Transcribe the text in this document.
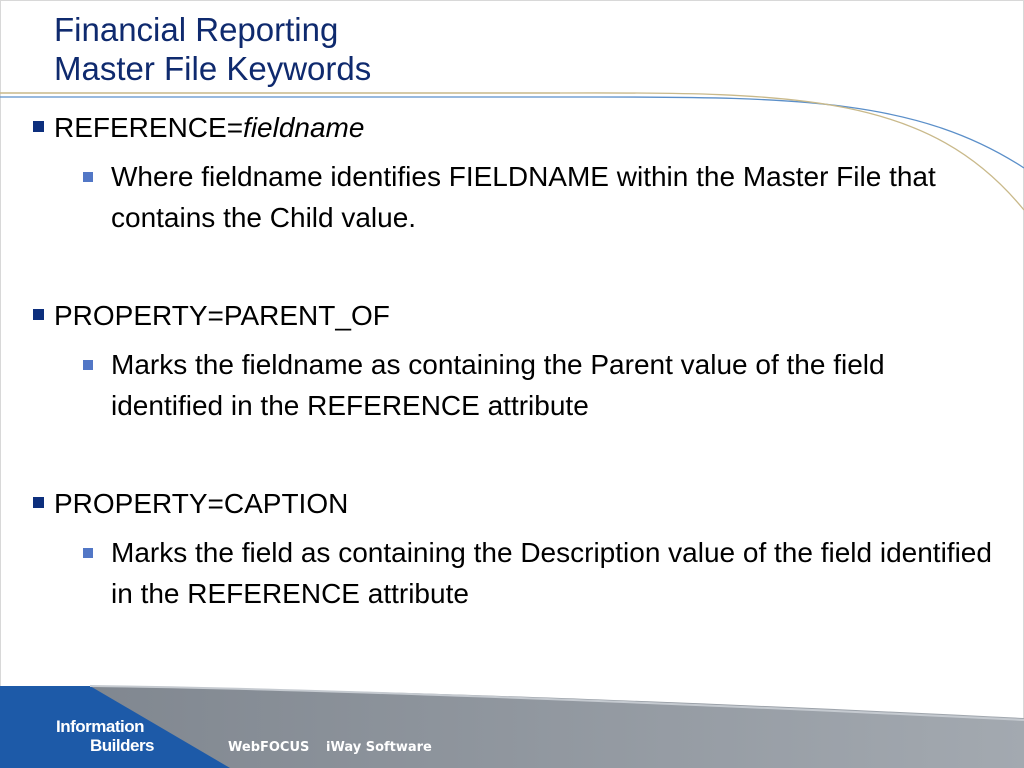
Financial Reporting
Master File Keywords
REFERENCE=fieldname
Where fieldname identifies FIELDNAME within the Master File that contains the Child value.
PROPERTY=PARENT_OF
Marks the fieldname as containing the Parent value of the field identified in the REFERENCE attribute
PROPERTY=CAPTION
Marks the field as containing the Description value of the field identified in the REFERENCE attribute
Information
Builders	WebFOCUS iWay Software
